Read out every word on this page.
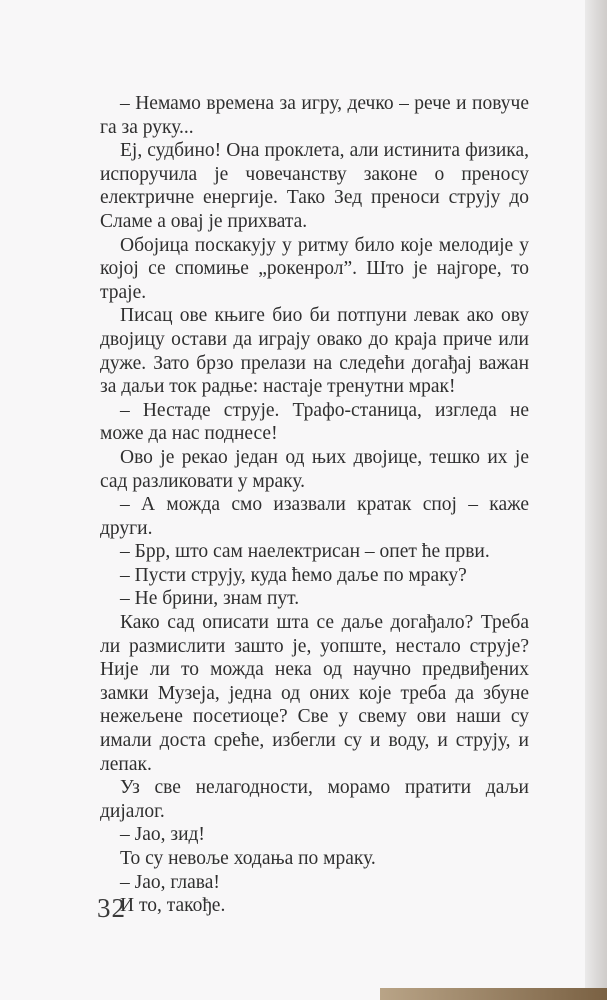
– Немамо времена за игру, дечко – рече и повуче га за руку...

Еј, судбино! Она проклета, али истинита физика, испоручила је човечанству законе о преносу електричне енергије. Тако Зед преноси струју до Сламе а овај је прихвата.

Обојица поскакују у ритму било које мелодије у којој се спомиње „рокенрол”. Што је најгоре, то траје.

Писац ове књиге био би потпуни левак ако ову двојицу остави да играју овако до краја приче или дуже. Зато брзо прелази на следећи догађај важан за даљи ток радње: настаје тренутни мрак!

– Нестаде струје. Трафо-станица, изгледа не може да нас поднесе!

Ово је рекао један од њих двојице, тешко их је сад разликовати у мраку.

– А можда смо изазвали кратак спој – каже други.

– Брр, што сам наелектрисан – опет ће први.

– Пусти струју, куда ћемо даље по мраку?

– Не брини, знам пут.

Како сад описати шта се даље догађало? Треба ли размислити зашто је, уопште, нестало струје? Није ли то можда нека од научно предвиђених замки Музеја, једна од оних које треба да збуне нежељене посетиоце? Све у свему ови наши су имали доста среће, избегли су и воду, и струју, и лепак.

Уз све нелагодности, морамо пратити даљи дијалог.

– Јао, зид!

То су невоље ходања по мраку.

– Јао, глава!

И то, такође.

32
